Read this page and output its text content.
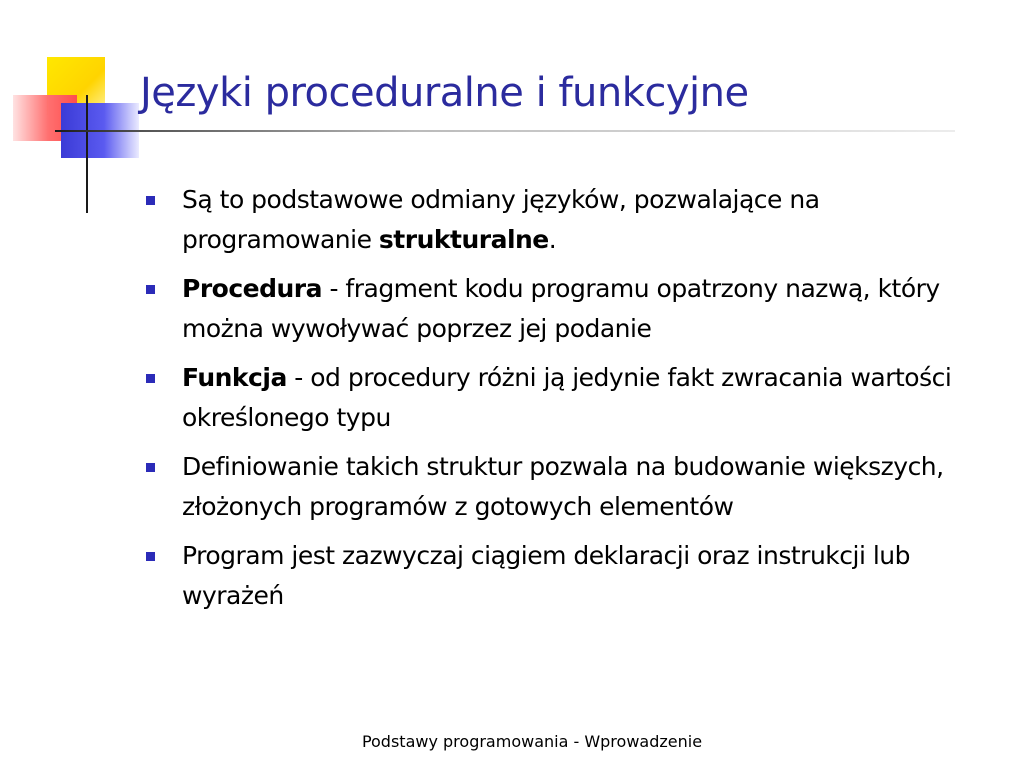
Języki proceduralne i funkcyjne
Są to podstawowe odmiany języków, pozwalające na programowanie strukturalne.
Procedura - fragment kodu programu opatrzony nazwą, który można wywoływać poprzez jej podanie
Funkcja - od procedury różni ją jedynie fakt zwracania wartości określonego typu
Definiowanie takich struktur pozwala na budowanie większych, złożonych programów z gotowych elementów
Program jest zazwyczaj ciągiem deklaracji oraz instrukcji lub wyrażeń
Podstawy programowania - Wprowadzenie
